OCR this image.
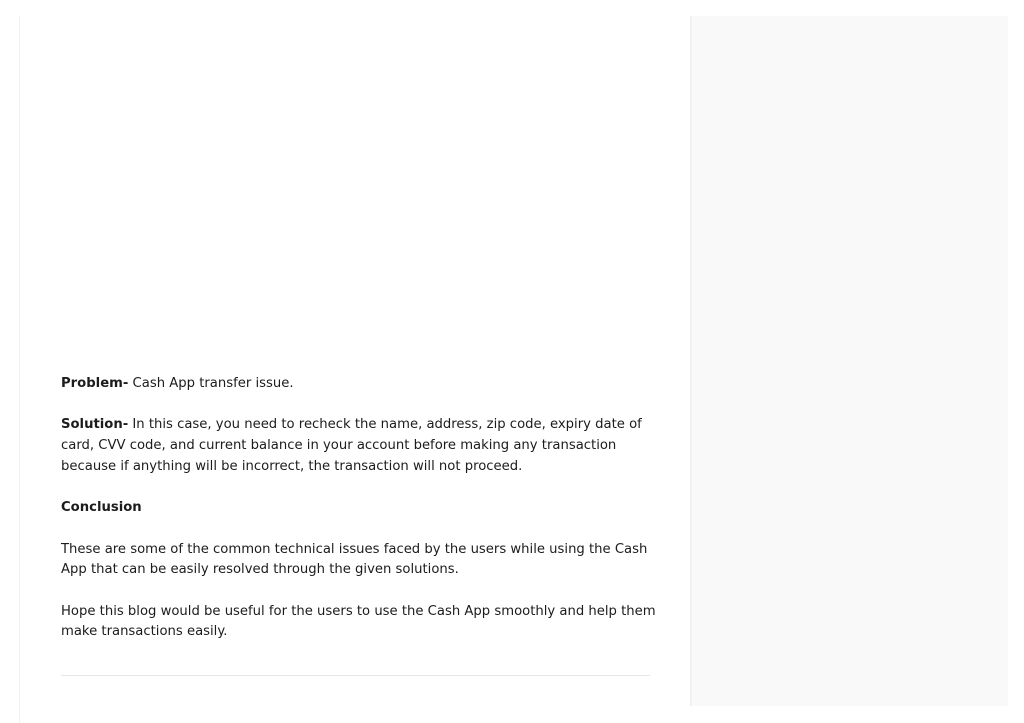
Problem- Cash App transfer issue.

Solution- In this case, you need to recheck the name, address, zip code, expiry date of card, CVV code, and current balance in your account before making any transaction because if anything will be incorrect, the transaction will not proceed.

Conclusion

These are some of the common technical issues faced by the users while using the Cash App that can be easily resolved through the given solutions.

Hope this blog would be useful for the users to use the Cash App smoothly and help them make transactions easily.
